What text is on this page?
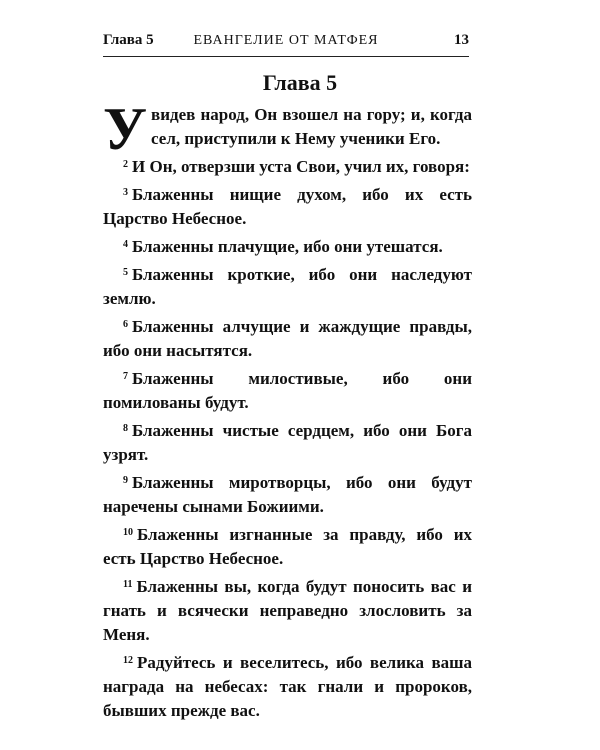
Глава 5	ЕВАНГЕЛИЕ ОТ МАТФЕЯ	13
Глава 5

У видев народ, Он взошел на гору; и, когда сел, приступили к Нему ученики Его.

$^2$ И Он, отверзши уста Свои, учил их, говоря:

$^3$ Блаженны нищие духом, ибо их есть Царство Небесное.

$^4$ Блаженны плачущие, ибо они утешатся.

$^5$ Блаженны кроткие, ибо они наследуют землю.

$^6$ Блаженны алчущие и жаждущие правды, ибо они насытятся.

$^7$ Блаженны милостивые, ибо они помилованы будут.

$^8$ Блаженны чистые сердцем, ибо они Бога узрят.

$^9$ Блаженны миротворцы, ибо они будут наречены сынами Божиими.

$^{10}$ Блаженны изгнанные за правду, ибо их есть Царство Небесное.

$^{11}$ Блаженны вы, когда будут поносить вас и гнать и всячески неправедно злословить за Меня.

$^{12}$ Радуйтесь и веселитесь, ибо велика ваша награда на небесах: так гнали и пророков, бывших прежде вас.
